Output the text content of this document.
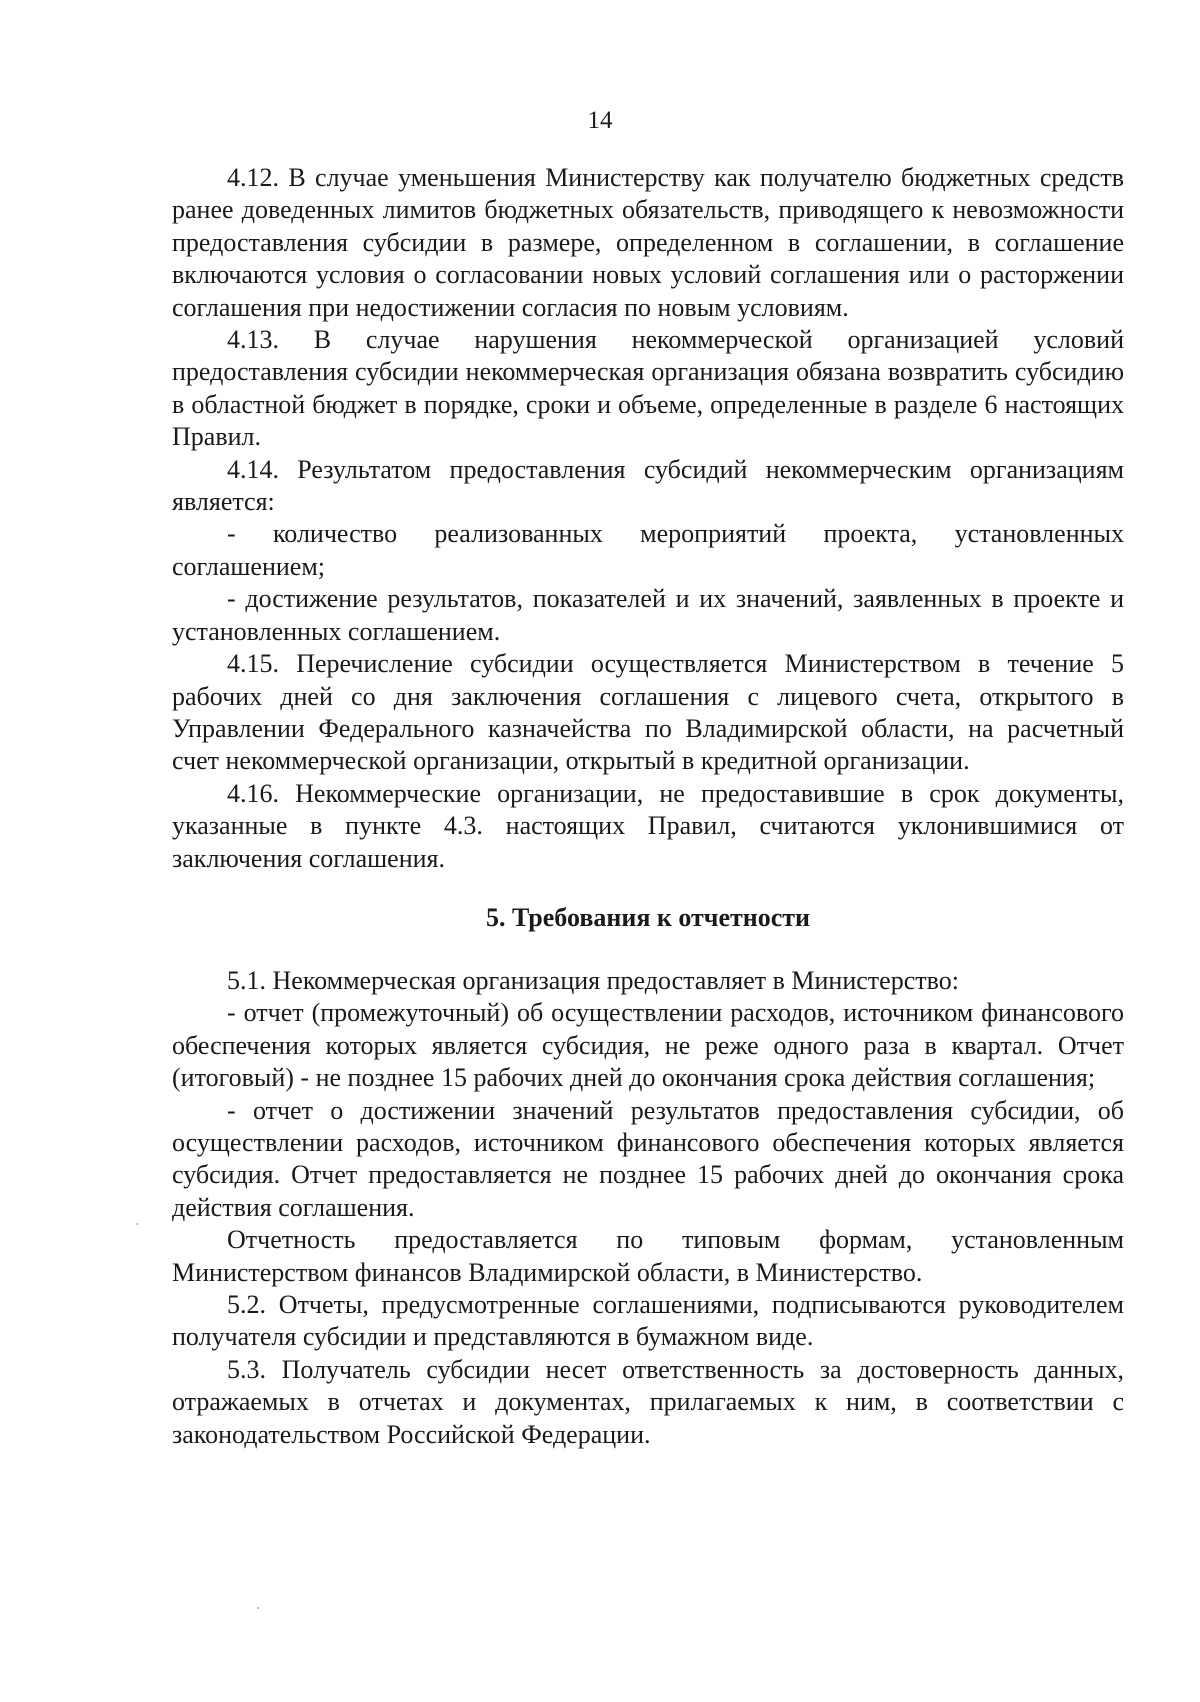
14

4.12. В случае уменьшения Министерству как получателю бюджетных средств ранее доведенных лимитов бюджетных обязательств, приводящего к невозможности предоставления субсидии в размере, определенном в соглашении, в соглашение включаются условия о согласовании новых условий соглашения или о расторжении соглашения при недостижении согласия по новым условиям.

4.13. В случае нарушения некоммерческой организацией условий предоставления субсидии некоммерческая организация обязана возвратить субсидию в областной бюджет в порядке, сроки и объеме, определенные в разделе 6 настоящих Правил.

4.14. Результатом предоставления субсидий некоммерческим организациям является:

- количество реализованных мероприятий проекта, установленных соглашением;

- достижение результатов, показателей и их значений, заявленных в проекте и установленных соглашением.

4.15. Перечисление субсидии осуществляется Министерством в течение 5 рабочих дней со дня заключения соглашения с лицевого счета, открытого в Управлении Федерального казначейства по Владимирской области, на расчетный счет некоммерческой организации, открытый в кредитной организации.

4.16. Некоммерческие организации, не предоставившие в срок документы, указанные в пункте 4.3. настоящих Правил, считаются уклонившимися от заключения соглашения.

5. Требования к отчетности

5.1. Некоммерческая организация предоставляет в Министерство:

- отчет (промежуточный) об осуществлении расходов, источником финансового обеспечения которых является субсидия, не реже одного раза в квартал. Отчет (итоговый) - не позднее 15 рабочих дней до окончания срока действия соглашения;

- отчет о достижении значений результатов предоставления субсидии, об осуществлении расходов, источником финансового обеспечения которых является субсидия. Отчет предоставляется не позднее 15 рабочих дней до окончания срока действия соглашения.

Отчетность предоставляется по типовым формам, установленным Министерством финансов Владимирской области, в Министерство.

5.2. Отчеты, предусмотренные соглашениями, подписываются руководителем получателя субсидии и представляются в бумажном виде.

5.3. Получатель субсидии несет ответственность за достоверность данных, отражаемых в отчетах и документах, прилагаемых к ним, в соответствии с законодательством Российской Федерации.
